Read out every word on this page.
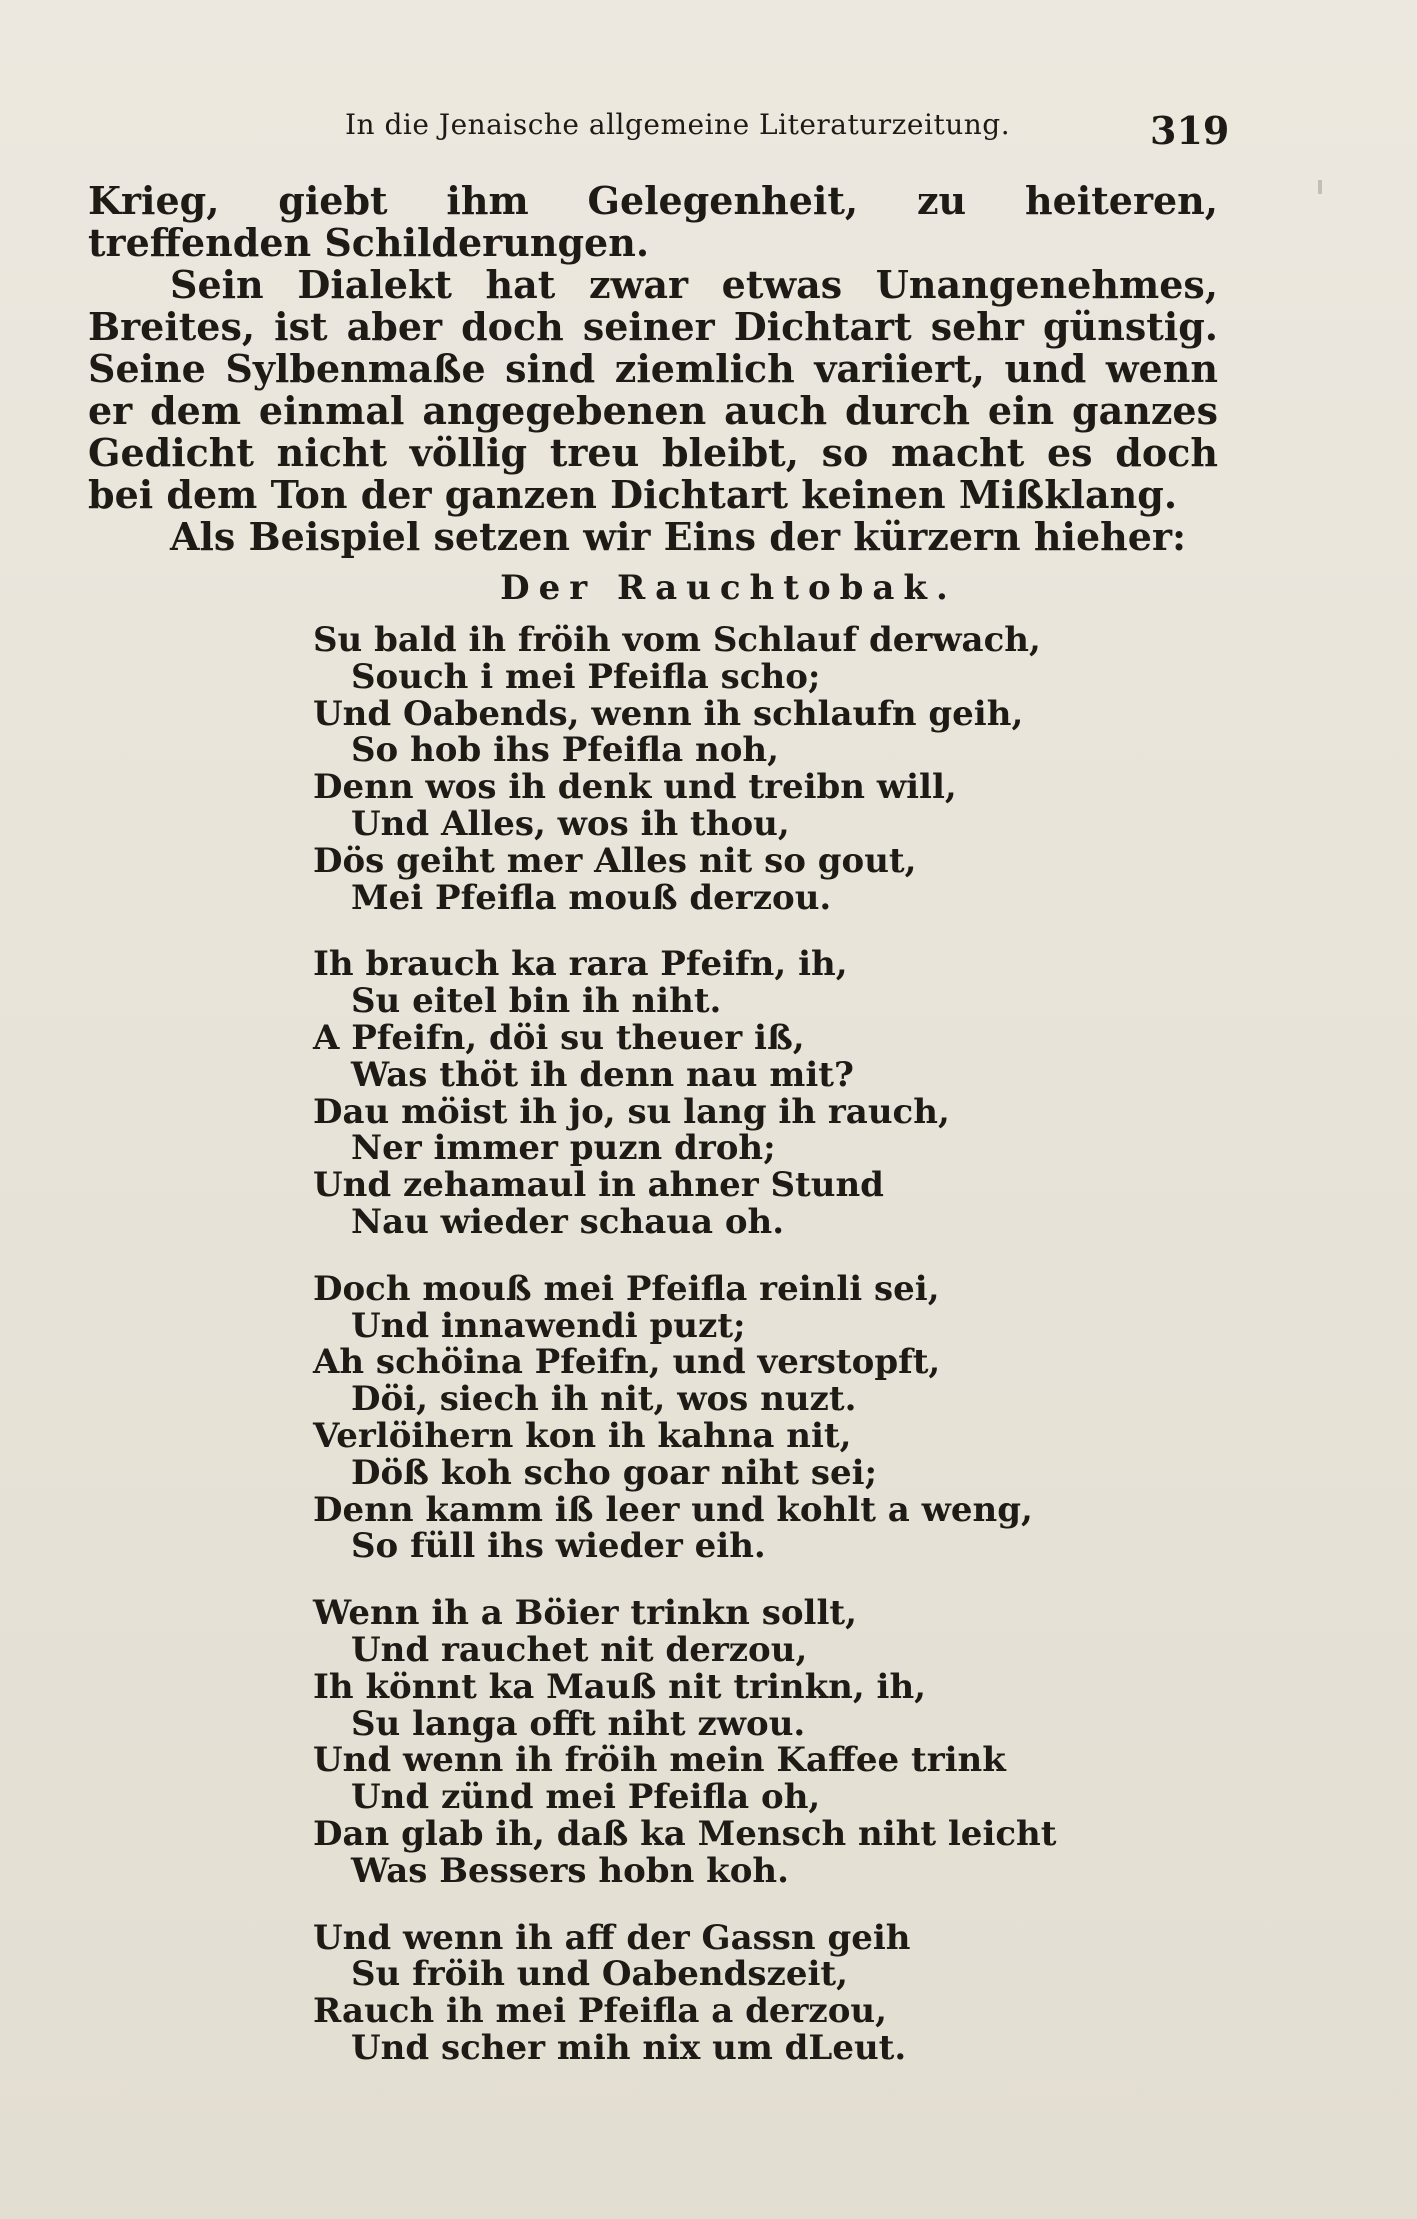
In die Jenaische allgemeine Literaturzeitung.	319

Krieg, giebt ihm Gelegenheit, zu heiteren, treffenden Schilderungen.

Sein Dialekt hat zwar etwas Unangenehmes, Breites, ist aber doch seiner Dichtart sehr günstig. Seine Sylbenmaße sind ziemlich variiert, und wenn er dem einmal angegebenen auch durch ein ganzes Gedicht nicht völlig treu bleibt, so macht es doch bei dem Ton der ganzen Dichtart keinen Mißklang.

Als Beispiel setzen wir Eins der kürzern hieher:

Der Rauchtobak.
Su bald ih fröih vom Schlauf derwach,
Souch i mei Pfeifla scho;
Und Oabends, wenn ih schlaufn geih,
So hob ihs Pfeifla noh,
Denn wos ih denk und treibn will,
Und Alles, wos ih thou,
Dös geiht mer Alles nit so gout,
Mei Pfeifla mouß derzou.
Ih brauch ka rara Pfeifn, ih,
Su eitel bin ih niht.
A Pfeifn, döi su theuer iß,
Was thöt ih denn nau mit?
Dau möist ih jo, su lang ih rauch,
Ner immer puzn droh;
Und zehamaul in ahner Stund
Nau wieder schaua oh.
Doch mouß mei Pfeifla reinli sei,
Und innawendi puzt;
Ah schöina Pfeifn, und verstopft,
Döi, siech ih nit, wos nuzt.
Verlöihern kon ih kahna nit,
Döß koh scho goar niht sei;
Denn kamm iß leer und kohlt a weng,
So füll ihs wieder eih.
Wenn ih a Böier trinkn sollt,
Und rauchet nit derzou,
Ih könnt ka Mauß nit trinkn, ih,
Su langa offt niht zwou.
Und wenn ih fröih mein Kaffee trink
Und zünd mei Pfeifla oh,
Dan glab ih, daß ka Mensch niht leicht
Was Bessers hobn koh.
Und wenn ih aff der Gassn geih
Su fröih und Oabendszeit,
Rauch ih mei Pfeifla a derzou,
Und scher mih nix um dLeut.
